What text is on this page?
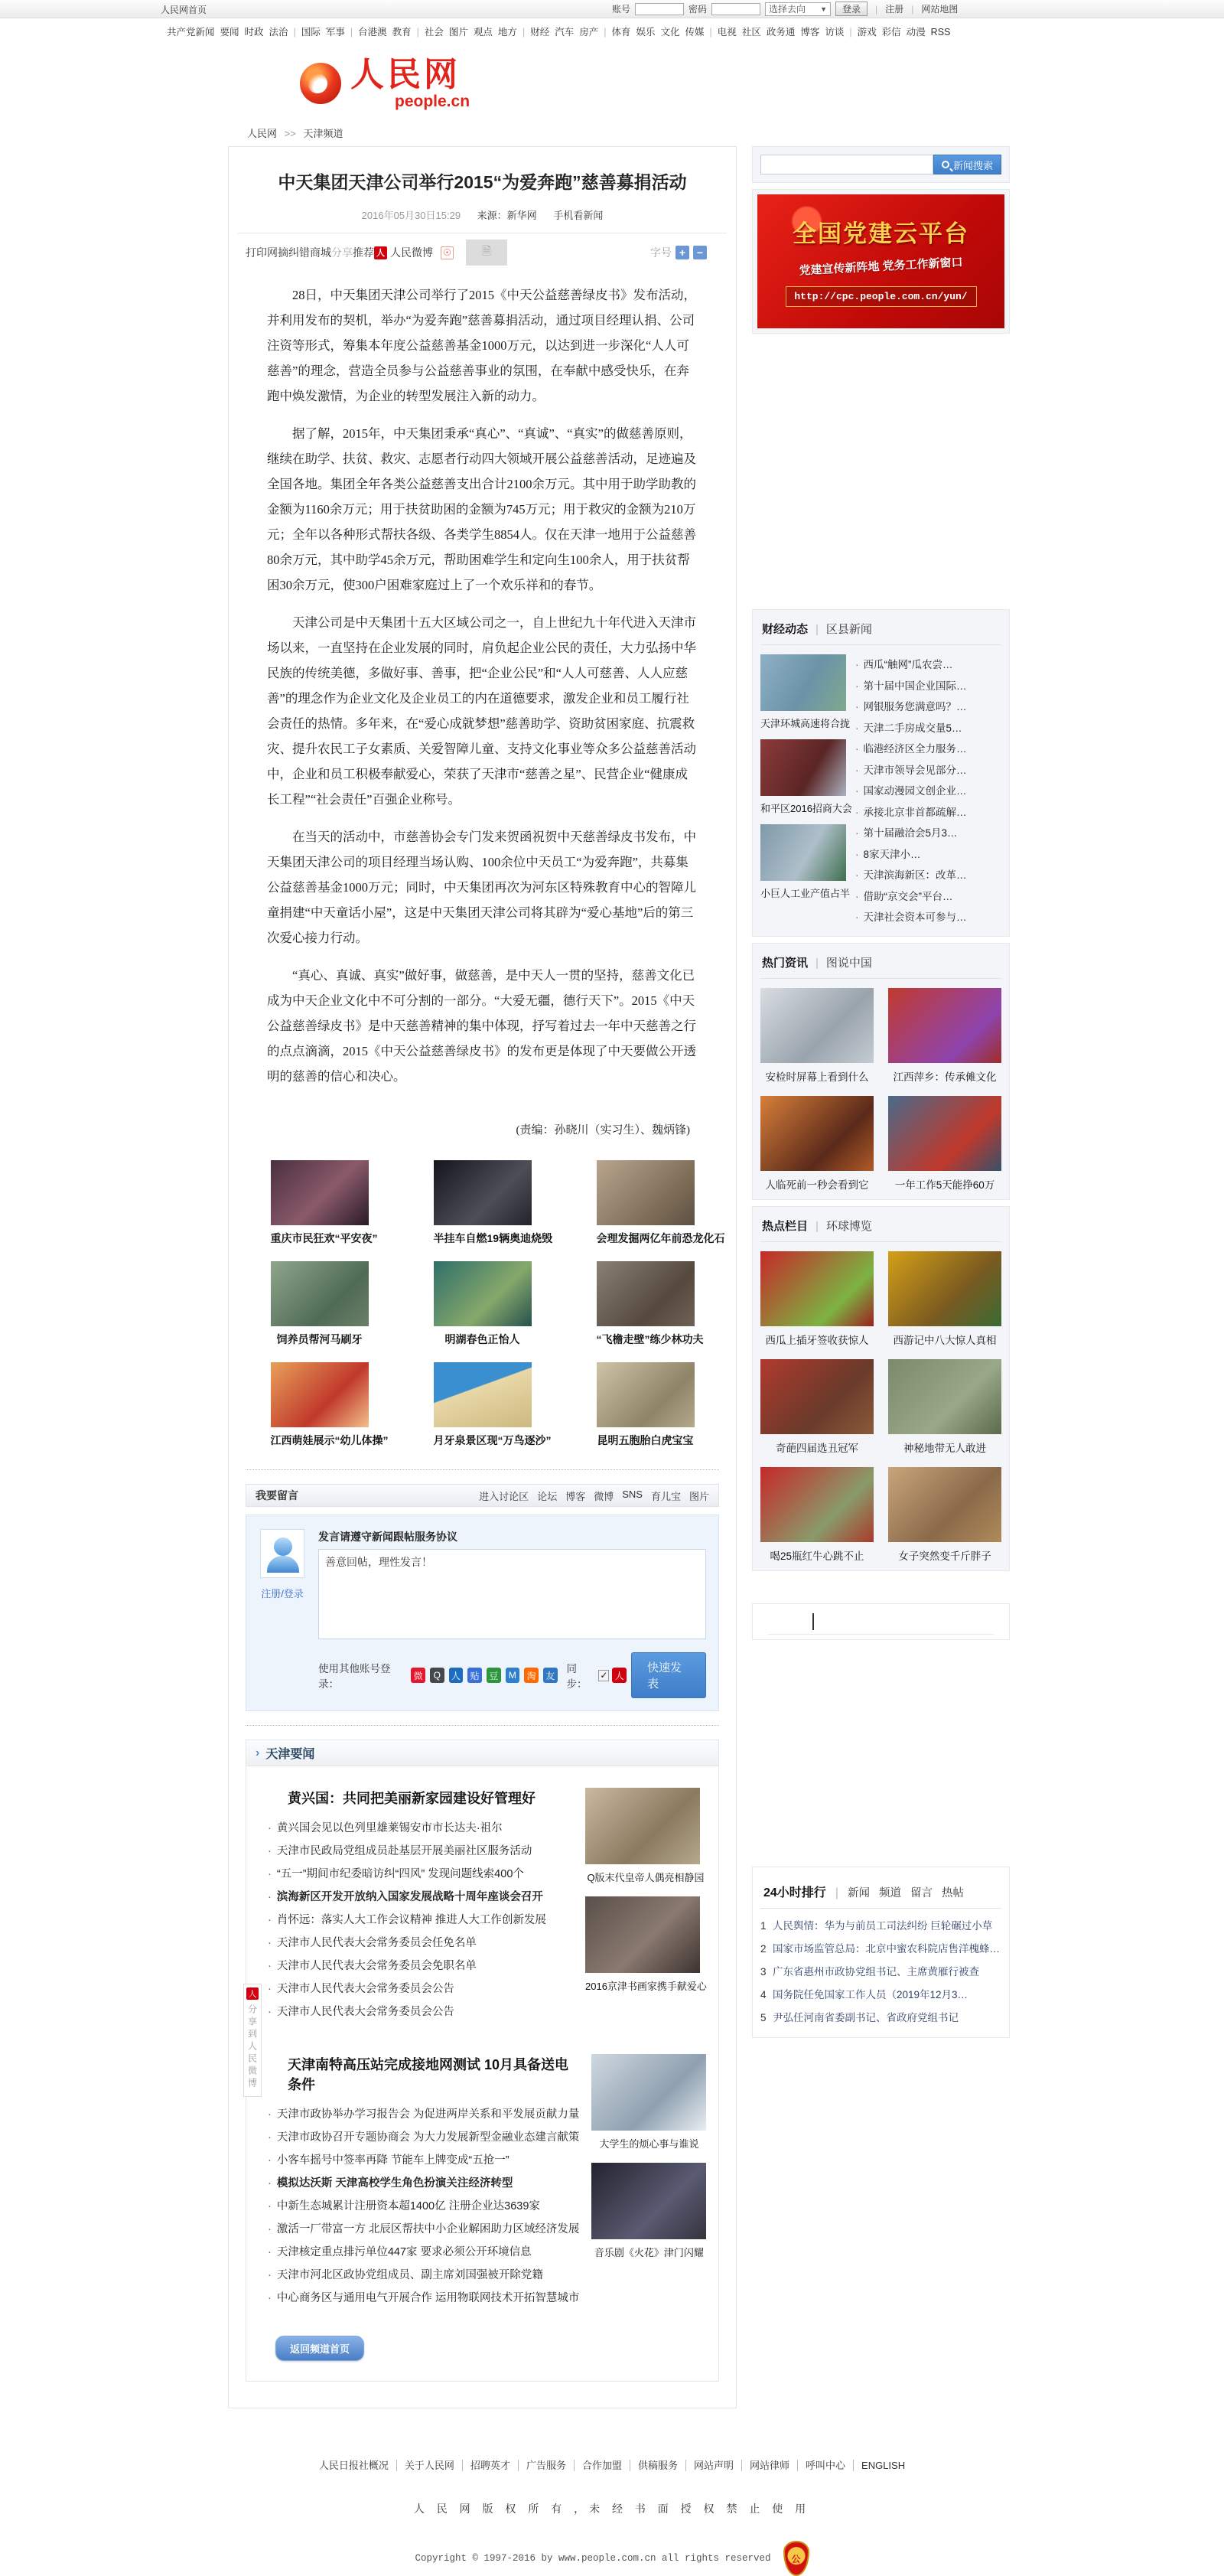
人民网首页	账号	密码	选择去向 ▼	登录	| 注册 | 网站地图
共产党新闻 要闻 时政 法治 | 国际 军事 | 台港澳 教育 | 社会 图片 观点 地方 | 财经 汽车 房产 | 体育 娱乐 文化 传媒 | 电视 社区 政务通 博客 访谈 | 游戏 彩信 动漫 RSS
人民网
people.cn
人民网 >> 天津频道
中天集团天津公司举行2015“为爱奔跑”慈善募捐活动
2016年05月30日15:29 来源：新华网 手机看新闻
打印 网摘 纠错 商城 分享 推荐 人 人民微博 ☉	🗎	字号 +	−

28日，中天集团天津公司举行了2015《中天公益慈善绿皮书》发布活动，并利用发布的契机，举办“为爱奔跑”慈善募捐活动，通过项目经理认捐、公司注资等形式，筹集本年度公益慈善基金1000万元，以达到进一步深化“人人可慈善”的理念，营造全员参与公益慈善事业的氛围，在奉献中感受快乐，在奔跑中焕发激情，为企业的转型发展注入新的动力。

据了解，2015年，中天集团秉承“真心”、“真诚”、“真实”的做慈善原则，继续在助学、扶贫、救灾、志愿者行动四大领域开展公益慈善活动，足迹遍及全国各地。集团全年各类公益慈善支出合计2100余万元。其中用于助学助教的金额为1160余万元；用于扶贫助困的金额为745万元；用于救灾的金额为210万元；全年以各种形式帮扶各级、各类学生8854人。仅在天津一地用于公益慈善80余万元，其中助学45余万元，帮助困难学生和定向生100余人，用于扶贫帮困30余万元，使300户困难家庭过上了一个欢乐祥和的春节。

天津公司是中天集团十五大区域公司之一，自上世纪九十年代进入天津市场以来，一直坚持在企业发展的同时，肩负起企业公民的责任，大力弘扬中华民族的传统美德，多做好事、善事，把“企业公民”和“人人可慈善、人人应慈善”的理念作为企业文化及企业员工的内在道德要求，激发企业和员工履行社会责任的热情。多年来，在“爱心成就梦想”慈善助学、资助贫困家庭、抗震救灾、提升农民工子女素质、关爱智障儿童、支持文化事业等众多公益慈善活动中，企业和员工积极奉献爱心，荣获了天津市“慈善之星”、民营企业“健康成长工程”“社会责任”百强企业称号。

在当天的活动中，市慈善协会专门发来贺函祝贺中天慈善绿皮书发布，中天集团天津公司的项目经理当场认购、100余位中天员工“为爱奔跑”，共募集公益慈善基金1000万元；同时，中天集团再次为河东区特殊教育中心的智障儿童捐建“中天童话小屋”，这是中天集团天津公司将其辟为“爱心基地”后的第三次爱心接力行动。

“真心、真诚、真实”做好事，做慈善，是中天人一贯的坚持，慈善文化已成为中天企业文化中不可分割的一部分。“大爱无疆，德行天下”。2015《中天公益慈善绿皮书》是中天慈善精神的集中体现，抒写着过去一年中天慈善之行的点点滴滴，2015《中天公益慈善绿皮书》的发布更是体现了中天要做公开透明的慈善的信心和决心。

(责编：孙晓川（实习生）、魏炳锋)
重庆市民狂欢“平安夜”	半挂车自燃19辆奥迪烧毁	会理发掘两亿年前恐龙化石
饲养员帮河马刷牙	明湖春色正怡人	“飞檐走壁”练少林功夫
江西萌娃展示“幼儿体操”	月牙泉景区现“万鸟逐沙”	昆明五胞胎白虎宝宝
我要留言	进入讨论区 论坛 博客 微博 SNS 育儿宝 图片
注册/登录
发言请遵守新闻跟帖服务协议
善意回帖，理性发言！
使用其他账号登录：
微	Q	人 贴 豆	M	淘 友
同步：
✓ 人
快速发表
› 天津要闻
黄兴国：共同把美丽新家园建设好管理好
· 黄兴国会见以色列里雄莱锡安市市长达夫·祖尔
· 天津市民政局党组成员赴基层开展美丽社区服务活动
· “五一”期间市纪委暗访纠“四风” 发现问题线索400个
· 滨海新区开发开放纳入国家发展战略十周年座谈会召开
· 肖怀远：落实人大工作会议精神 推进人大工作创新发展
· 天津市人民代表大会常务委员会任免名单
· 天津市人民代表大会常务委员会免职名单
· 天津市人民代表大会常务委员会公告
· 天津市人民代表大会常务委员会公告
Q版末代皇帝人偶亮相静园
2016京津书画家携手献爱心
天津南特高压站完成接地网测试 10月具备送电条件
· 天津市政协举办学习报告会 为促进两岸关系和平发展贡献力量
· 天津市政协召开专题协商会 为大力发展新型金融业态建言献策
· 小客车摇号中签率再降 节能车上牌变成“五抢一”
· 模拟达沃斯 天津高校学生角色扮演关注经济转型
· 中新生态城累计注册资本超1400亿 注册企业达3639家
· 激活一厂带富一方 北辰区帮扶中小企业解困助力区域经济发展
· 天津核定重点排污单位447家 要求必须公开环境信息
· 天津市河北区政协党组成员、副主席刘国强被开除党籍
· 中心商务区与通用电气开展合作 运用物联网技术开拓智慧城市
大学生的烦心事与谁说
音乐剧《火花》津门闪耀
返回频道首页
新闻搜索
全国党建云平台
党建宣传新阵地 党务工作新窗口
http://cpc.people.com.cn/yun/
财经动态 | 区县新闻
天津环城高速将合拢
和平区2016招商大会
小巨人工业产值占半
· 西瓜“触网”瓜农尝…
· 第十届中国企业国际…
· 网银服务您满意吗？…
· 天津二手房成交量5…
· 临港经济区全力服务…
· 天津市领导会见部分…
· 国家动漫园文创企业…
· 承接北京非首都疏解…
· 第十届融洽会5月3…
· 8家天津小…
· 天津滨海新区：改革…
· 借助“京交会”平台…
· 天津社会资本可参与…
热门资讯 | 图说中国
安检时屏幕上看到什么	江西萍乡：传承傩文化
人临死前一秒会看到它	一年工作5天能挣60万
热点栏目 | 环球博览
西瓜上插牙签收获惊人	西游记中八大惊人真相
奇葩四届选丑冠军	神秘地带无人敢进
喝25瓶红牛心跳不止	女子突然变千斤胖子
24小时排行 | 新闻 频道 留言 热帖
1 人民舆情：华为与前员工司法纠纷 巨轮碾过小草
2 国家市场监管总局：北京中蜜农科院店售洋槐蜂…
3 广东省惠州市政协党组书记、主席黄雁行被查
4 国务院任免国家工作人员（2019年12月3…
5 尹弘任河南省委副书记、省政府党组书记
人民日报社概况 关于人民网 招聘英才 广告服务 合作加盟 供稿服务 网站声明 网站律师 呼叫中心 ENGLISH
人 民 网 版 权 所 有 ，未 经 书 面 授 权 禁 止 使 用
Copyright © 1997-2016 by www.people.com.cn all rights reserved	公
人
分享到人民微博
